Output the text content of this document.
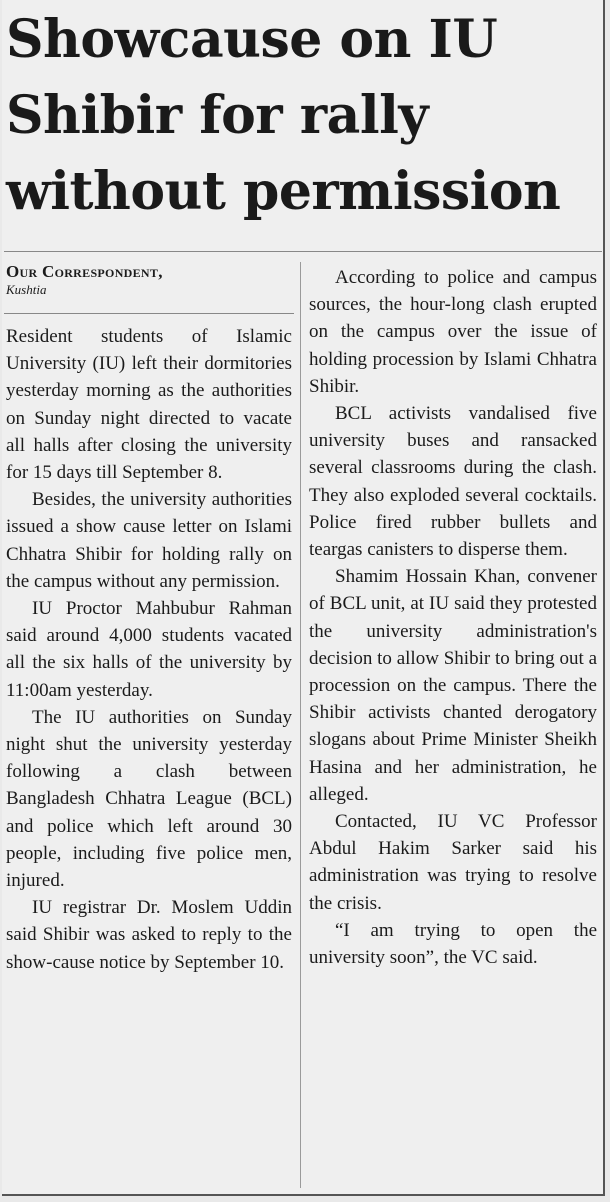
Showcause on IU
Shibir for rally
without permission
Our Correspondent,
Kushtia

Resident students of Islamic University (IU) left their dormitories yesterday morning as the authorities on Sunday night directed to vacate all halls after closing the university for 15 days till September 8.

Besides, the university authorities issued a show cause letter on Islami Chhatra Shibir for holding rally on the campus without any permission.

IU Proctor Mahbubur Rahman said around 4,000 students vacated all the six halls of the university by 11:00am yesterday.

The IU authorities on Sunday night shut the university yesterday following a clash between Bangladesh Chhatra League (BCL) and police which left around 30 people, including five police men, injured.

IU registrar Dr. Moslem Uddin said Shibir was asked to reply to the show-cause notice by September 10.

According to police and campus sources, the hour-long clash erupted on the campus over the issue of holding procession by Islami Chhatra Shibir.

BCL activists vandalised five university buses and ransacked several classrooms during the clash. They also exploded several cocktails. Police fired rubber bullets and teargas canisters to disperse them.

Shamim Hossain Khan, convener of BCL unit, at IU said they protested the university administration's decision to allow Shibir to bring out a procession on the campus. There the Shibir activists chanted derogatory slogans about Prime Minister Sheikh Hasina and her administration, he alleged.

Contacted, IU VC Professor Abdul Hakim Sarker said his administration was trying to resolve the crisis.

“I am trying to open the university soon”, the VC said.
